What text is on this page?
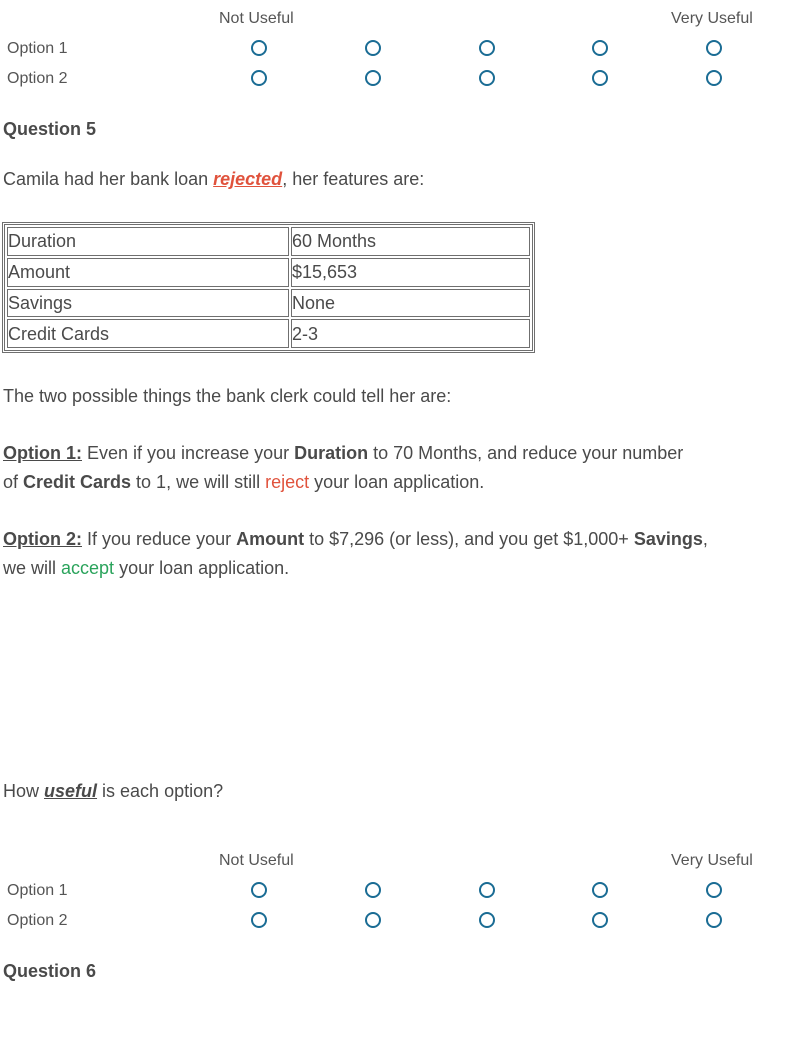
Not Useful	Very Useful
Option 1
Option 2
Question 5
Camila had her bank loan rejected, her features are:
Duration	60 Months
Amount	$15,653
Savings	None
Credit Cards	2-3
The two possible things the bank clerk could tell her are:
Option 1: Even if you increase your Duration to 70 Months, and reduce your number
of Credit Cards to 1, we will still reject your loan application.
Option 2: If you reduce your Amount to $7,296 (or less), and you get $1,000+ Savings,
we will accept your loan application.
How useful is each option?
Not Useful	Very Useful
Option 1
Option 2
Question 6
